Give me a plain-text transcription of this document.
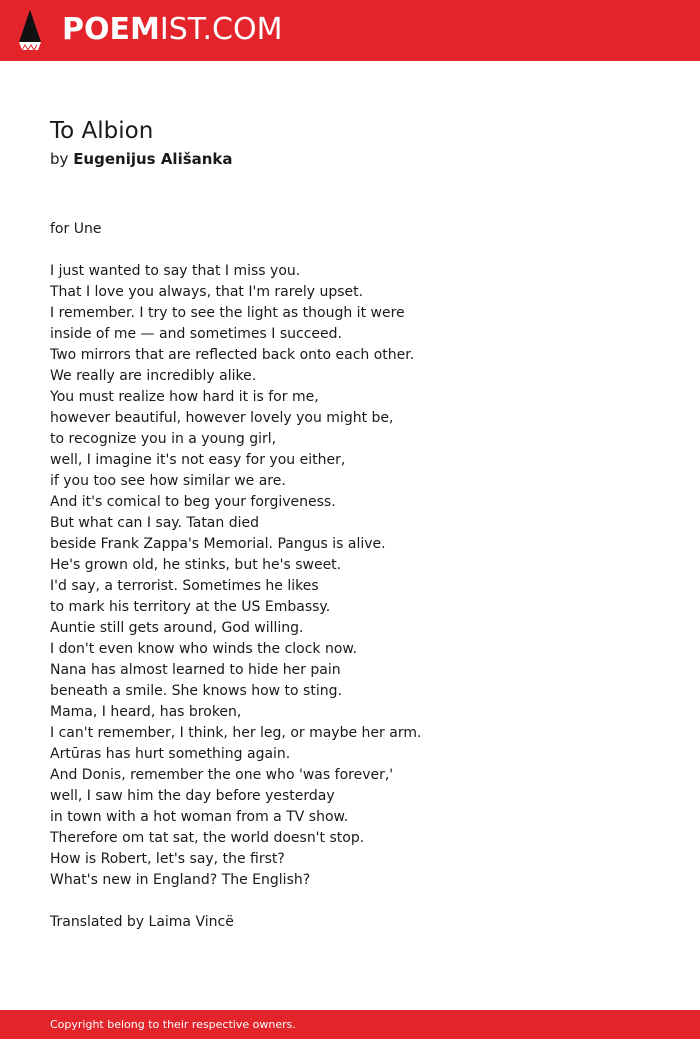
POEMIST.COM
To Albion
by Eugenijus Ališanka
for Une
I just wanted to say that I miss you.
That I love you always, that I'm rarely upset.
I remember. I try to see the light as though it were
inside of me — and sometimes I succeed.
Two mirrors that are reflected back onto each other.
We really are incredibly alike.
You must realize how hard it is for me,
however beautiful, however lovely you might be,
to recognize you in a young girl,
well, I imagine it's not easy for you either,
if you too see how similar we are.
And it's comical to beg your forgiveness.
But what can I say. Tatan died
beside Frank Zappa's Memorial. Pangus is alive.
He's grown old, he stinks, but he's sweet.
I'd say, a terrorist. Sometimes he likes
to mark his territory at the US Embassy.
Auntie still gets around, God willing.
I don't even know who winds the clock now.
Nana has almost learned to hide her pain
beneath a smile. She knows how to sting.
Mama, I heard, has broken,
I can't remember, I think, her leg, or maybe her arm.
Artūras has hurt something again.
And Donis, remember the one who 'was forever,'
well, I saw him the day before yesterday
in town with a hot woman from a TV show.
Therefore om tat sat, the world doesn't stop.
How is Robert, let's say, the first?
What's new in England? The English?
Translated by Laima Vincë
Copyright belong to their respective owners.
